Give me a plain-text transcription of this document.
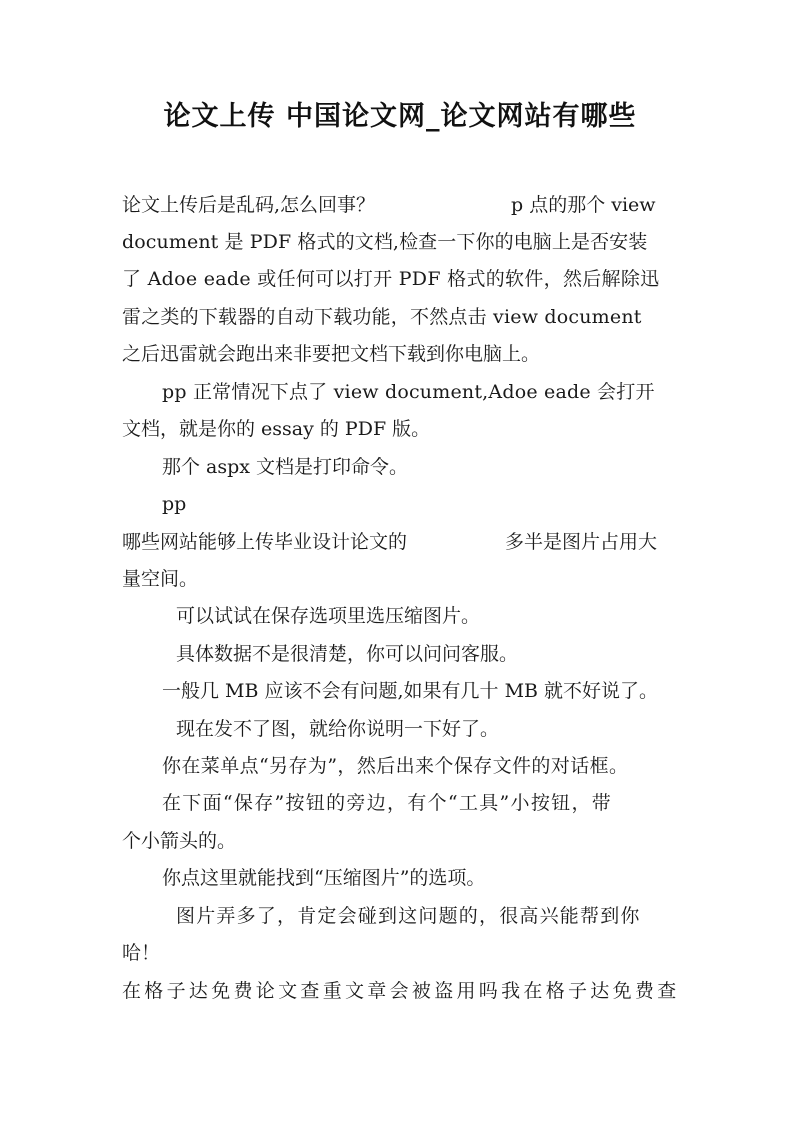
论文上传 中国论文网_论文网站有哪些

论文上传后是乱码,怎么回事？

	p 点的那个 view

document 是 PDF 格式的文档,检查一下你的电脑上是否安装
了 Adoe eade 或任何可以打开 PDF 格式的软件，然后解除迅
雷之类的下载器的自动下载功能，不然点击 view document
之后迅雷就会跑出来非要把文档下载到你电脑上。
pp 正常情况下点了 view document,Adoe eade 会打开
文档，就是你的 essay 的 PDF 版。
那个 aspx 文档是打印命令。
pp

哪些网站能够上传毕业设计论文的

	多半是图片占用大

量空间。
可以试试在保存选项里选压缩图片。
具体数据不是很清楚，你可以问问客服。
一般几 MB 应该不会有问题,如果有几十 MB 就不好说了。
现在发不了图，就给你说明一下好了。
你在菜单点“另存为”，然后出来个保存文件的对话框。
在下面“保存”按钮的旁边，有个“工具”小按钮，带
个小箭头的。
你点这里就能找到“压缩图片”的选项。
图片弄多了，肯定会碰到这问题的，很高兴能帮到你
哈！
在格子达免费论文查重文章会被盗用吗我在格子达免费查
